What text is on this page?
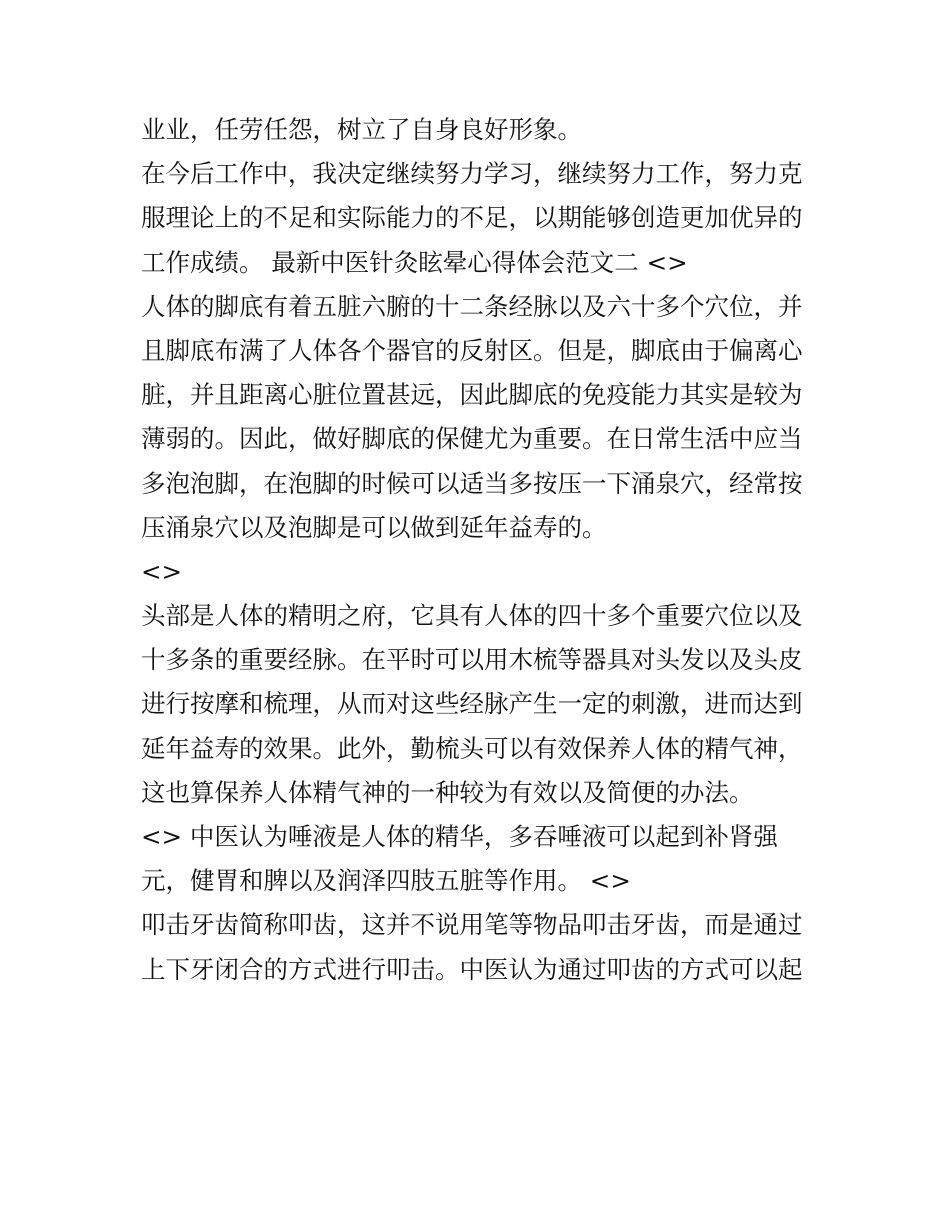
业业，任劳任怨，树立了自身良好形象。
在今后工作中，我决定继续努力学习，继续努力工作，努力克
服理论上的不足和实际能力的不足，以期能够创造更加优异的
工作成绩。 最新中医针灸眩晕心得体会范文二 <>
人体的脚底有着五脏六腑的十二条经脉以及六十多个穴位，并
且脚底布满了人体各个器官的反射区。但是，脚底由于偏离心
脏，并且距离心脏位置甚远，因此脚底的免疫能力其实是较为
薄弱的。因此，做好脚底的保健尤为重要。在日常生活中应当
多泡泡脚，在泡脚的时候可以适当多按压一下涌泉穴，经常按
压涌泉穴以及泡脚是可以做到延年益寿的。
<>
头部是人体的精明之府，它具有人体的四十多个重要穴位以及
十多条的重要经脉。在平时可以用木梳等器具对头发以及头皮
进行按摩和梳理，从而对这些经脉产生一定的刺激，进而达到
延年益寿的效果。此外，勤梳头可以有效保养人体的精气神，
这也算保养人体精气神的一种较为有效以及简便的办法。
<> 中医认为唾液是人体的精华，多吞唾液可以起到补肾强
元，健胃和脾以及润泽四肢五脏等作用。 <>
叩击牙齿简称叩齿，这并不说用笔等物品叩击牙齿，而是通过
上下牙闭合的方式进行叩击。中医认为通过叩齿的方式可以起
